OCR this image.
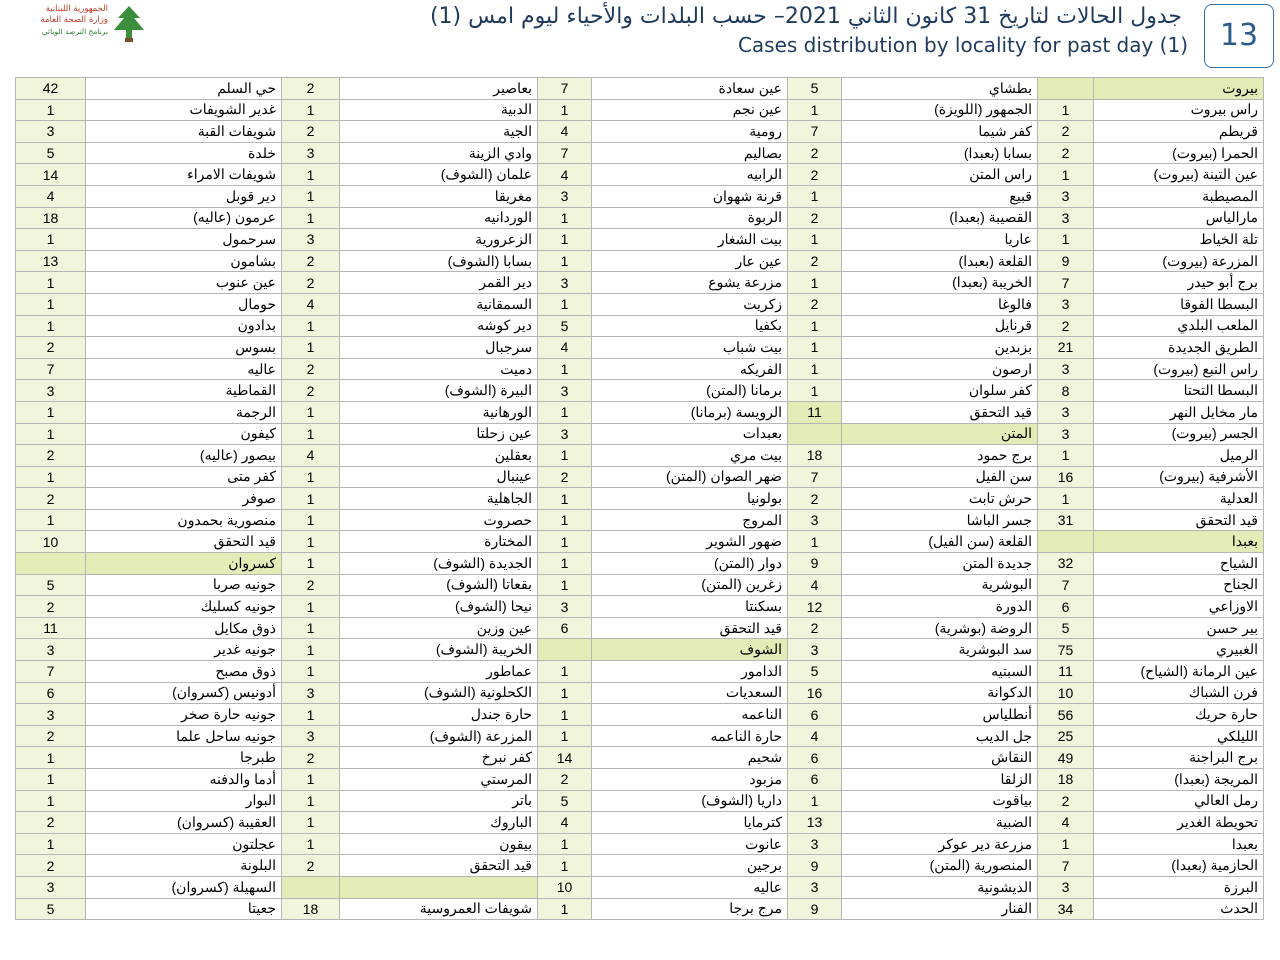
الجمهورية اللبنانية
وزارة الصحة العامة
برنامج الترصد الوبائي
جدول الحالات لتاريخ 31 كانون الثاني 2021– حسب البلدات والأحياء ليوم امس (1)
Cases distribution by locality for past day (1)	13
42	حي السلم	2	بعاصير	7	عين سعادة	5	بطشاي		بيروت
1	غدير الشويفات	1	الدبية	1	عين نجم	1	الجمهور (اللويزة)	1	راس بيروت
3	شويفات القبة	2	الجية	4	رومية	7	كفر شيما	2	قريطم
5	خلدة	3	وادي الزينة	7	بصاليم	2	بسابا (بعبدا)	2	الحمرا (بيروت)
14	شويفات الامراء	1	علمان (الشوف)	4	الرابيه	2	راس المتن	1	عين التينة (بيروت)
4	دير قوبل	1	مغريقا	3	قرنة شهوان	1	قبيع	3	المصيطبة
18	عرمون (عاليه)	1	الوردانيه	1	الربوة	2	القصيبة (بعبدا)	3	مارالياس
1	سرحمول	3	الزعرورية	1	بيت الشغار	1	عاريا	1	تلة الخياط
13	بشامون	2	بسابا (الشوف)	1	عين عار	2	القلعة (بعبدا)	9	المزرعة (بيروت)
1	عين عنوب	2	دير القمر	3	مزرعة يشوع	1	الخريبة (بعبدا)	7	برج أبو حيدر
1	حومال	4	السمقانية	1	زكريت	2	فالوغا	3	البسطا الفوقا
1	بدادون	1	دير كوشه	5	بكفيا	1	قرنايل	2	الملعب البلدي
2	بسوس	1	سرجبال	4	بيت شباب	1	بزبدين	21	الطريق الجديدة
7	عاليه	2	دميت	1	الفريكه	1	ارصون	3	راس النبع (بيروت)
3	القماطية	2	البيرة (الشوف)	3	برمانا (المتن)	1	كفر سلوان	8	البسطا التحتا
1	الرجمة	1	الورهانية	1	الرويسة (برمانا)	11	قيد التحقق	3	مار مخايل النهر
1	كيفون	1	عين زحلتا	3	بعبدات		المتن	3	الجسر (بيروت)
2	بيصور (عاليه)	4	بعقلين	1	بيت مري	18	برج حمود	1	الرميل
1	كفر متى	1	عينبال	2	ضهر الصوان (المتن)	7	سن الفيل	16	الأشرفية (بيروت)
2	صوفر	1	الجاهلية	1	بولونيا	2	حرش تابت	1	العدلية
1	منصورية بحمدون	1	حصروت	1	المروج	3	جسر الباشا	31	قيد التحقق
10	قيد التحقق	1	المختارة	1	ضهور الشوير	1	القلعة (سن الفيل)		بعبدا
	كسروان	1	الجديدة (الشوف)	1	دوار (المتن)	9	جديدة المتن	32	الشياح
5	جونيه صربا	2	بقعاتا (الشوف)	1	زغرين (المتن)	4	البوشرية	7	الجناح
2	جونيه كسليك	1	نيحا (الشوف)	3	بسكنتا	12	الدورة	6	الاوزاعي
11	ذوق مكايل	1	عين وزين	6	قيد التحقق	2	الروضة (بوشرية)	5	بير حسن
3	جونيه غدير	1	الخريبة (الشوف)		الشوف	3	سد البوشرية	75	الغبيري
7	ذوق مصبح	1	عماطور	1	الدامور	5	السبتيه	11	عين الرمانة (الشياح)
6	أدونيس (كسروان)	3	الكحلونية (الشوف)	1	السعديات	16	الدكوانة	10	فرن الشباك
3	جونيه حارة صخر	1	حارة جندل	1	الناعمه	6	أنطلياس	56	حارة حريك
2	جونيه ساحل علما	3	المزرعة (الشوف)	1	حارة الناعمه	4	جل الديب	25	الليلكي
1	طبرجا	2	كفر نبرخ	14	شحيم	6	النقاش	49	برج البراجنة
1	أدما والدفنه	1	المرستي	2	مزبود	6	الزلقا	18	المريجة (بعبدا)
1	البوار	1	باتر	5	داريا (الشوف)	1	بياقوت	2	رمل العالي
2	العقيبة (كسروان)	1	الباروك	4	كترمايا	13	الضبية	4	تحويطة الغدير
1	عجلتون	1	بيقون	1	عانوت	3	مزرعة دير عوكر	1	بعبدا
2	البلونة	2	قيد التحقق	1	برجين	9	المنصورية (المتن)	7	الحازمية (بعبدا)
3	السهيلة (كسروان)			10	عاليه	3	الديشونية	3	البرزة
5	جعيتا	18	شويفات العمروسية	1	مرج برجا	9	الفنار	34	الحدث
